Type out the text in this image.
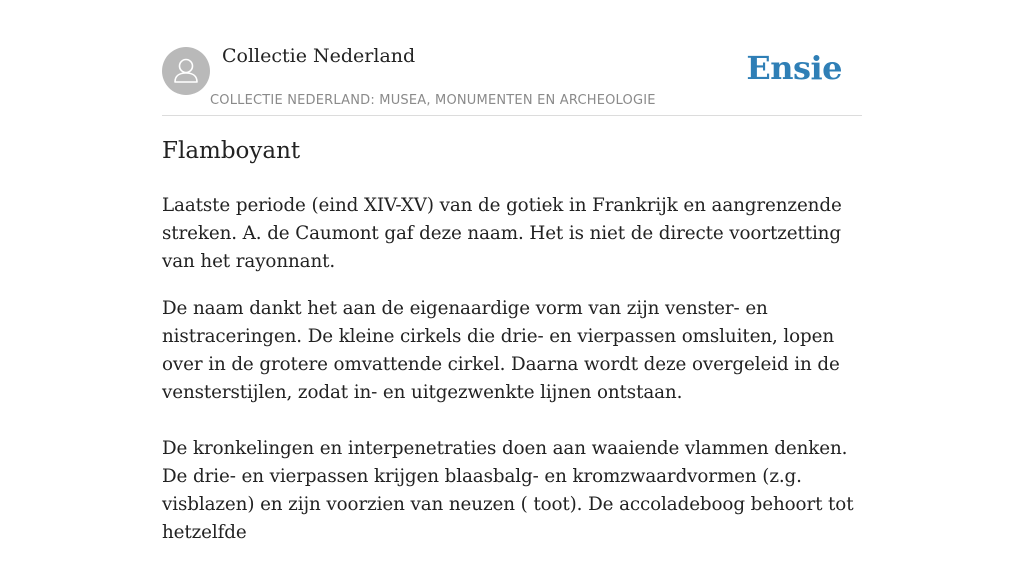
Collectie Nederland
COLLECTIE NEDERLAND: MUSEA, MONUMENTEN EN ARCHEOLOGIE
Ensie
Flamboyant

Laatste periode (eind XIV-XV) van de gotiek in Frankrijk en aangrenzende streken. A. de Caumont gaf deze naam. Het is niet de directe voortzetting van het rayonnant.

De naam dankt het aan de eigenaardige vorm van zijn venster- en nistraceringen. De kleine cirkels die drie- en vierpassen omsluiten, lopen over in de grotere omvattende cirkel. Daarna wordt deze overgeleid in de vensterstijlen, zodat in- en uitgezwenkte lijnen ontstaan.

De kronkelingen en interpenetraties doen aan waaiende vlammen denken. De drie- en vierpassen krijgen blaasbalg- en kromzwaardvormen (z.g. visblazen) en zijn voorzien van neuzen ( toot). De accoladeboog behoort tot hetzelfde
